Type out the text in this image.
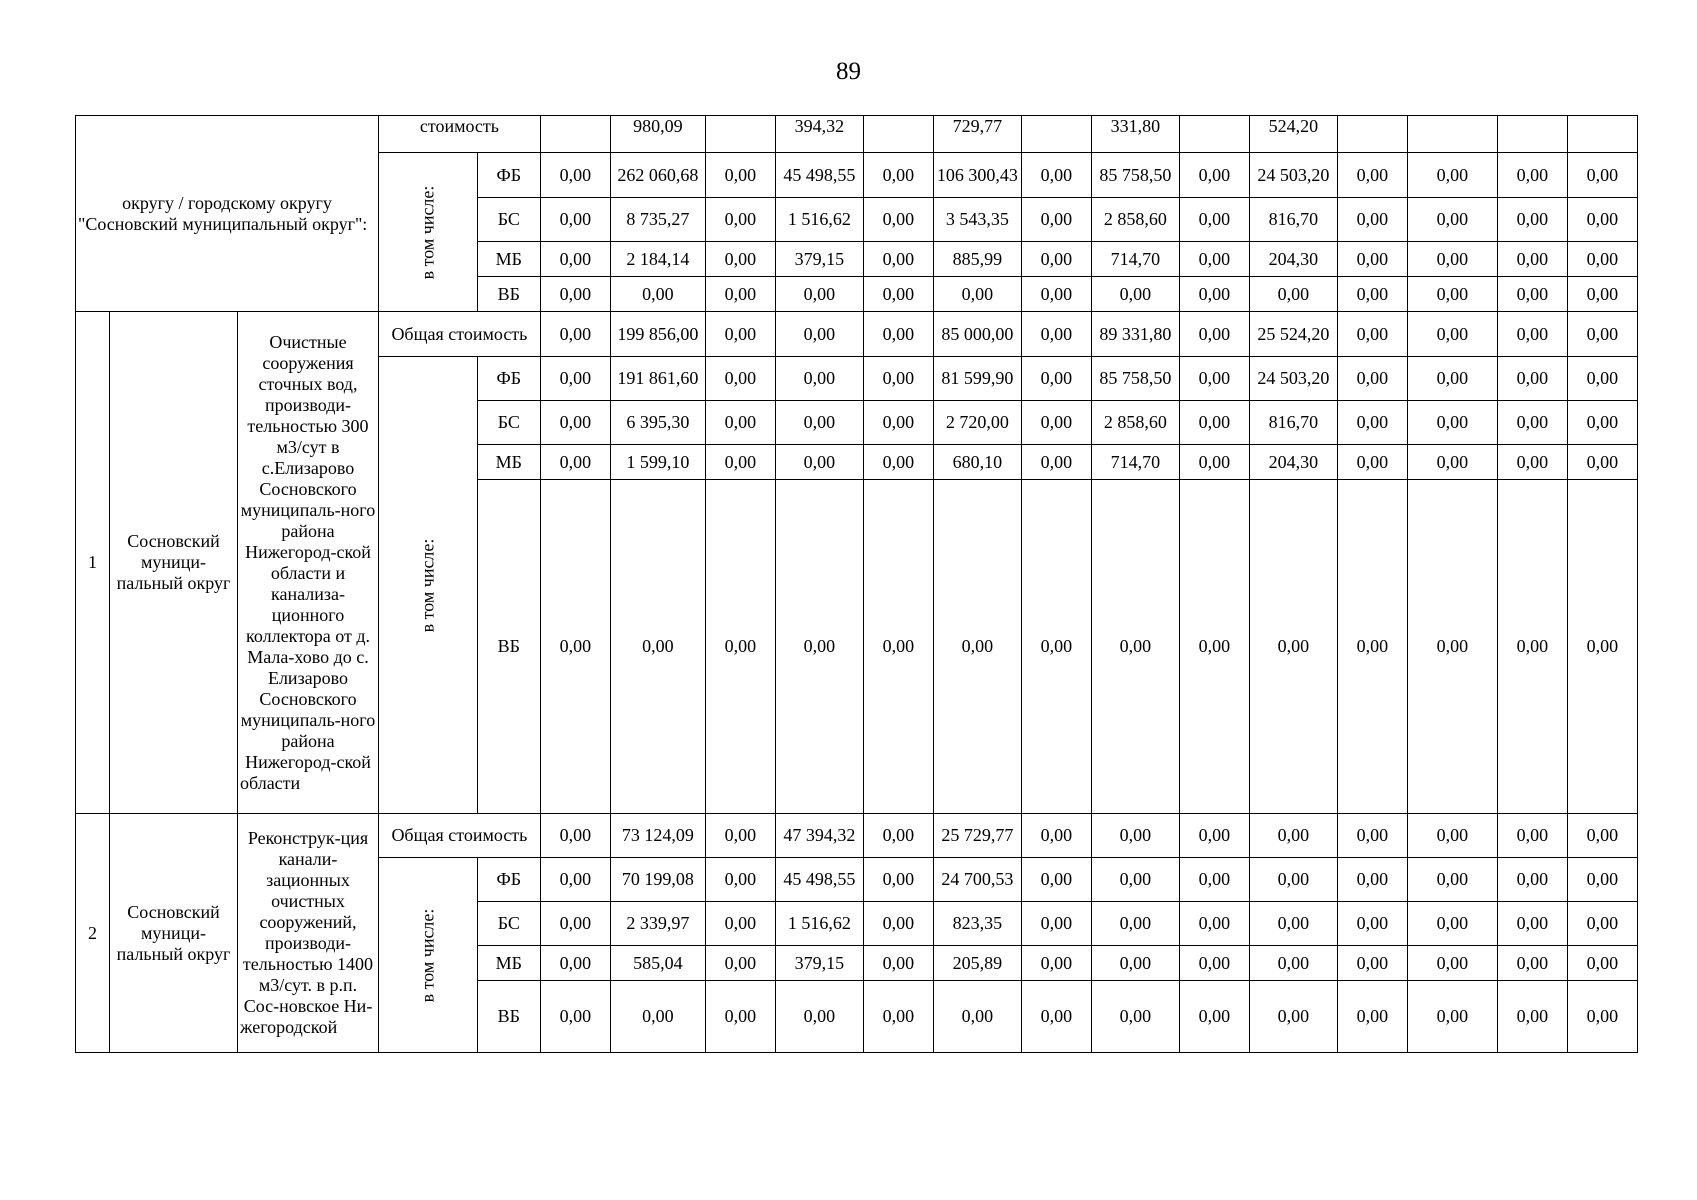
89

округу / городскому округу "Сосновский муниципальный округ":			стоимость			980,09		394,32		729,77		331,80		524,20				
			в том числе:	ФБ	0,00	262 060,68	0,00	45 498,55	0,00	106 300,43	0,00	85 758,50	0,00	24 503,20	0,00	0,00	0,00	0,00
				БС	0,00	8 735,27	0,00	1 516,62	0,00	3 543,35	0,00	2 858,60	0,00	816,70	0,00	0,00	0,00	0,00
				МБ	0,00	2 184,14	0,00	379,15	0,00	885,99	0,00	714,70	0,00	204,30	0,00	0,00	0,00	0,00
				ВБ	0,00	0,00	0,00	0,00	0,00	0,00	0,00	0,00	0,00	0,00	0,00	0,00	0,00	0,00
1	Сосновский муници-пальный округ	Очистные сооружения сточных вод, производи-тельностью 300 м3/сут в с.Елизарово Сосновского муниципаль-ного района Нижегород-ской области и канализа-ционного коллектора от д. Мала-хово до с. Елизарово Сосновского муниципаль-ного района Нижегород-ской области	Общая стоимость		0,00	199 856,00	0,00	0,00	0,00	85 000,00	0,00	89 331,80	0,00	25 524,20	0,00	0,00	0,00	0,00
			в том числе:	ФБ	0,00	191 861,60	0,00	0,00	0,00	81 599,90	0,00	85 758,50	0,00	24 503,20	0,00	0,00	0,00	0,00
				БС	0,00	6 395,30	0,00	0,00	0,00	2 720,00	0,00	2 858,60	0,00	816,70	0,00	0,00	0,00	0,00
				МБ	0,00	1 599,10	0,00	0,00	0,00	680,10	0,00	714,70	0,00	204,30	0,00	0,00	0,00	0,00
				ВБ	0,00	0,00	0,00	0,00	0,00	0,00	0,00	0,00	0,00	0,00	0,00	0,00	0,00	0,00
2	Сосновский муници-пальный округ	Реконструк-ция канали-зационных очистных сооружений, производи-тельностью 1400 м3/сут. в р.п. Сос-новское Ни-жегородской	Общая стоимость		0,00	73 124,09	0,00	47 394,32	0,00	25 729,77	0,00	0,00	0,00	0,00	0,00	0,00	0,00	0,00
			в том числе:	ФБ	0,00	70 199,08	0,00	45 498,55	0,00	24 700,53	0,00	0,00	0,00	0,00	0,00	0,00	0,00	0,00
				БС	0,00	2 339,97	0,00	1 516,62	0,00	823,35	0,00	0,00	0,00	0,00	0,00	0,00	0,00	0,00
				МБ	0,00	585,04	0,00	379,15	0,00	205,89	0,00	0,00	0,00	0,00	0,00	0,00	0,00	0,00
				ВБ	0,00	0,00	0,00	0,00	0,00	0,00	0,00	0,00	0,00	0,00	0,00	0,00	0,00	0,00
